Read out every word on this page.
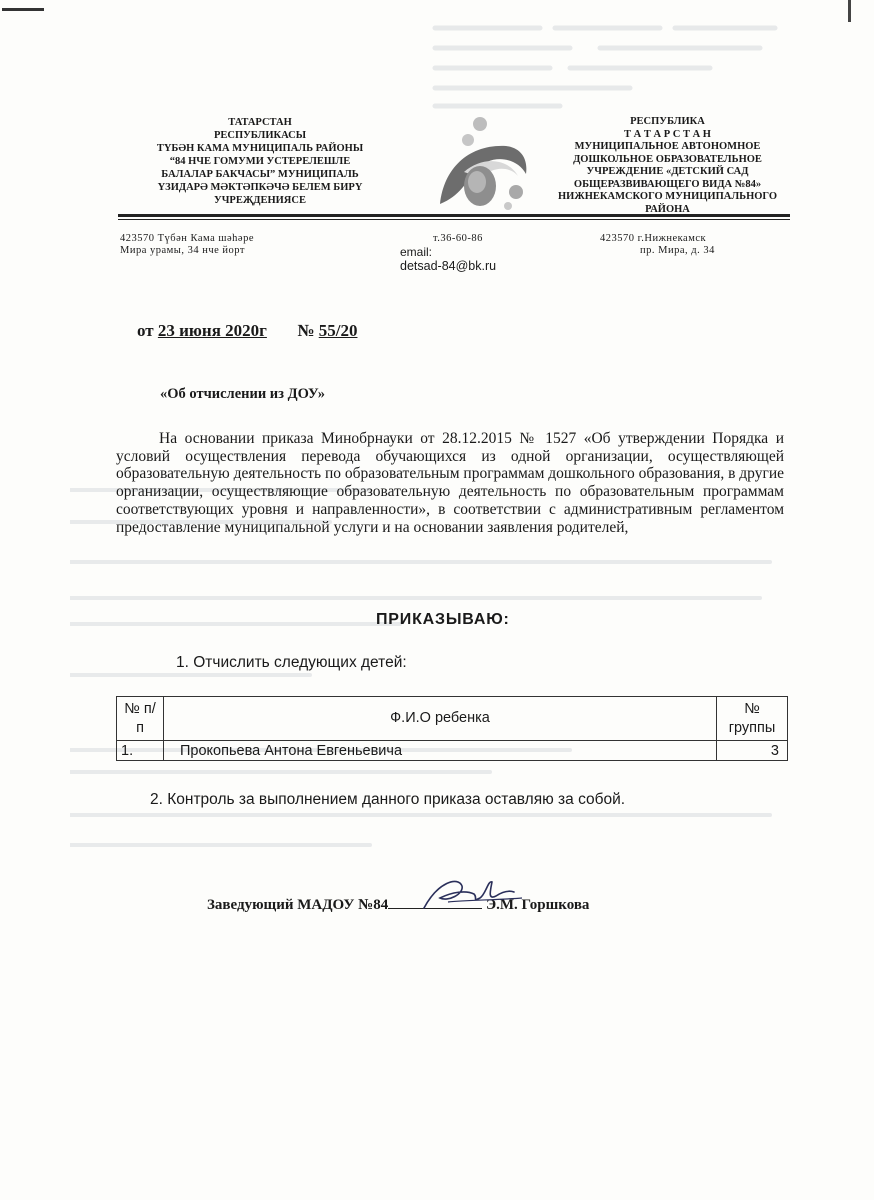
ТАТАРСТАН
РЕСПУБЛИКАСЫ
ТҮБӘН КАМА МУНИЦИПАЛЬ РАЙОНЫ
“84 НЧЕ ГОМУМИ УСТЕРЕЛЕШЛЕ
БАЛАЛАР БАКЧАСЫ” МУНИЦИПАЛЬ
ҮЗИДАРӘ МӘКТӘПКӘЧӘ БЕЛЕМ БИРҮ
УЧРЕҖДЕНИЯСЕ
РЕСПУБЛИКА
Т А Т А Р С Т А Н
МУНИЦИПАЛЬНОЕ АВТОНОМНОЕ
ДОШКОЛЬНОЕ ОБРАЗОВАТЕЛЬНОЕ
УЧРЕЖДЕНИЕ «ДЕТСКИЙ САД
ОБЩЕРАЗВИВАЮЩЕГО ВИДА №84»
НИЖНЕКАМСКОГО МУНИЦИПАЛЬНОГО
РАЙОНА
423570 Түбән Кама шәһәре
Мира урамы, 34 нче йорт
т.36-60-86
email:
detsad-84@bk.ru
423570 г.Нижнекамск
пр. Мира, д. 34
от 23 июня 2020г № 55/20
«Об отчислении из ДОУ»
На основании приказа Минобрнауки от 28.12.2015 № 1527 «Об утверждении Порядка и условий осуществления перевода обучающихся из одной организации, осуществляющей образовательную деятельность по образовательным программам дошкольного образования, в другие организации, осуществляющие образовательную деятельность по образовательным программам соответствующих уровня и направленности», в соответствии с административным регламентом предоставление муниципальной услуги и на основании заявления родителей,
ПРИКАЗЫВАЮ:
1. Отчислить следующих детей:
№ п/п	Ф.И.О ребенка	№ группы
1.	Прокопьева Антона Евгеньевича	3
2. Контроль за выполнением данного приказа оставляю за собой.
Заведующий МАДОУ №84	Э.М. Горшкова
